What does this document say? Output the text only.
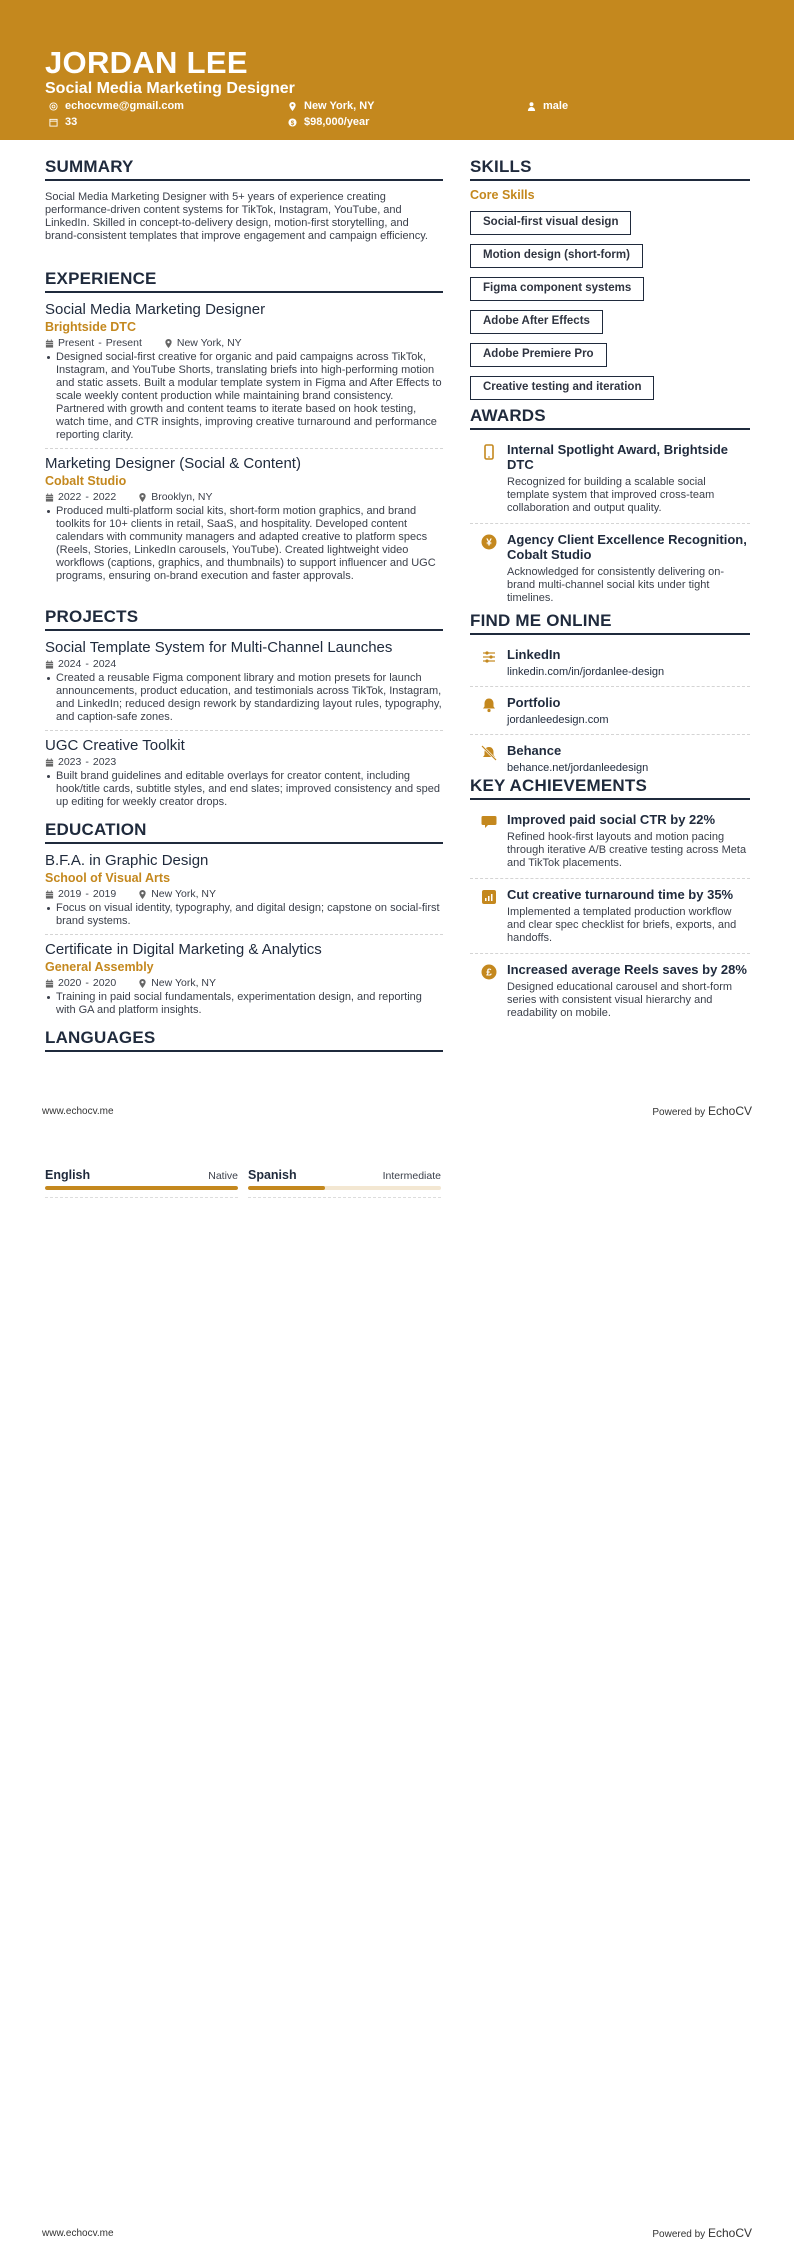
JORDAN LEE
Social Media Marketing Designer
echocvme@gmail.com	New York, NY	male
33	$ $98,000/year
SUMMARY
Social Media Marketing Designer with 5+ years of experience creating performance-driven content systems for TikTok, Instagram, YouTube, and LinkedIn. Skilled in concept-to-delivery design, motion-first storytelling, and brand-consistent templates that improve engagement and campaign efficiency.
EXPERIENCE
Social Media Marketing Designer
Brightside DTC
Present - Present	New York, NY
Designed social-first creative for organic and paid campaigns across TikTok, Instagram, and YouTube Shorts, translating briefs into high-performing motion and static assets. Built a modular template system in Figma and After Effects to scale weekly content production while maintaining brand consistency. Partnered with growth and content teams to iterate based on hook testing, watch time, and CTR insights, improving creative turnaround and performance reporting clarity.
Marketing Designer (Social & Content)
Cobalt Studio
2022 - 2022	Brooklyn, NY
Produced multi-platform social kits, short-form motion graphics, and brand toolkits for 10+ clients in retail, SaaS, and hospitality. Developed content calendars with community managers and adapted creative to platform specs (Reels, Stories, LinkedIn carousels, YouTube). Created lightweight video workflows (captions, graphics, and thumbnails) to support influencer and UGC programs, ensuring on-brand execution and faster approvals.
PROJECTS
Social Template System for Multi-Channel Launches
2024 - 2024
Created a reusable Figma component library and motion presets for launch announcements, product education, and testimonials across TikTok, Instagram, and LinkedIn; reduced design rework by standardizing layout rules, typography, and caption-safe zones.
UGC Creative Toolkit
2023 - 2023
Built brand guidelines and editable overlays for creator content, including hook/title cards, subtitle styles, and end slates; improved consistency and sped up editing for weekly creator drops.
EDUCATION
B.F.A. in Graphic Design
School of Visual Arts
2019 - 2019	New York, NY
Focus on visual identity, typography, and digital design; capstone on social-first brand systems.
Certificate in Digital Marketing & Analytics
General Assembly
2020 - 2020	New York, NY
Training in paid social fundamentals, experimentation design, and reporting with GA and platform insights.
LANGUAGES
English	Native Spanish	Intermediate
SKILLS
Core Skills
Social-first visual design
Motion design (short-form)
Figma component systems
Adobe After Effects
Adobe Premiere Pro
Creative testing and iteration
AWARDS
Internal Spotlight Award, Brightside DTC
Recognized for building a scalable social template system that improved cross-team collaboration and output quality.
¥ Agency Client Excellence Recognition, Cobalt Studio
Acknowledged for consistently delivering on-brand multi-channel social kits under tight timelines.
FIND ME ONLINE
LinkedIn
linkedin.com/in/jordanlee-design
Portfolio
jordanleedesign.com
Behance
behance.net/jordanleedesign
KEY ACHIEVEMENTS
Improved paid social CTR by 22%
Refined hook-first layouts and motion pacing through iterative A/B creative testing across Meta and TikTok placements.
Cut creative turnaround time by 35%
Implemented a templated production workflow and clear spec checklist for briefs, exports, and handoffs.
£ Increased average Reels saves by 28%
Designed educational carousel and short-form series with consistent visual hierarchy and readability on mobile.
www.echocv.me	Powered by EchoCV
www.echocv.me	Powered by EchoCV
